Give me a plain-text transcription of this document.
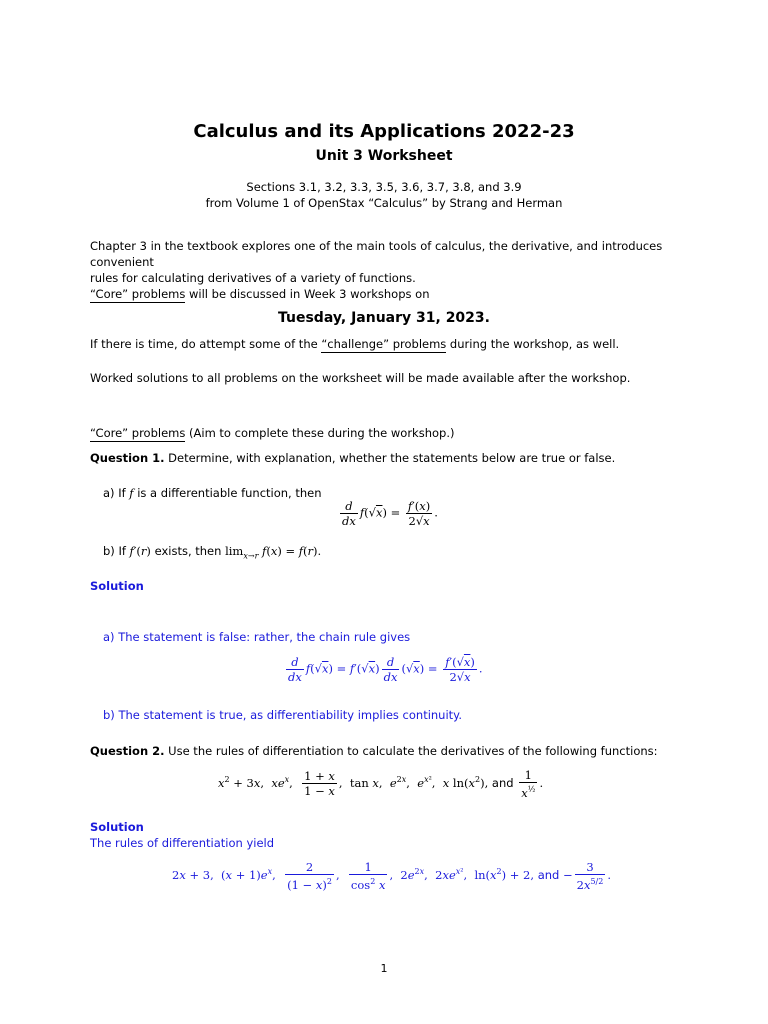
Calculus and its Applications 2022-23
Unit 3 Worksheet
Sections 3.1, 3.2, 3.3, 3.5, 3.6, 3.7, 3.8, and 3.9
from Volume 1 of OpenStax “Calculus” by Strang and Herman
Chapter 3 in the textbook explores one of the main tools of calculus, the derivative, and introduces convenient
rules for calculating derivatives of a variety of functions.
“Core” problems will be discussed in Week 3 workshops on
Tuesday, January 31, 2023.
If there is time, do attempt some of the “challenge” problems during the workshop, as well.
Worked solutions to all problems on the worksheet will be made available after the workshop.
“Core” problems (Aim to complete these during the workshop.)
Question 1. Determine, with explanation, whether the statements below are true or false.
a) If f is a differentiable function, then
$\frac{d}{dx} f(√x) = \frac{f'(x)}{2√x}$ .
b) If f′(r) exists, then $\lim_{x\to r} f(x) = f(r)$.
Solution
a) The statement is false: rather, the chain rule gives
$\frac{d}{dx} f(√x) = f'(√x) \frac{d}{dx} (√x) = \frac{f'(√x)}{2√x}$ .
b) The statement is true, as differentiability implies continuity.
Question 2. Use the rules of differentiation to calculate the derivatives of the following functions:
$x^2 + 3x$,  $xe^x$, $\frac{1 + x}{1 - x}$ ,  tan x,  $e^{2x}$,  $e^{x^2}$,  x $\ln(x^2)$, and $\frac{1}{x^{\frac{1}{2}}}$ .
Solution
The rules of differentiation yield
2x + 3,  $(x + 1)e^x$, $\frac{2}{(1 - x)^2}$ , $\frac{1}{\cos^2 x}$ ,  $2e^{2x}$,  $2xe^{x^2}$,  $\ln(x^2) + 2$, and − $\frac{3}{2x^{5/2}}$ .
1
